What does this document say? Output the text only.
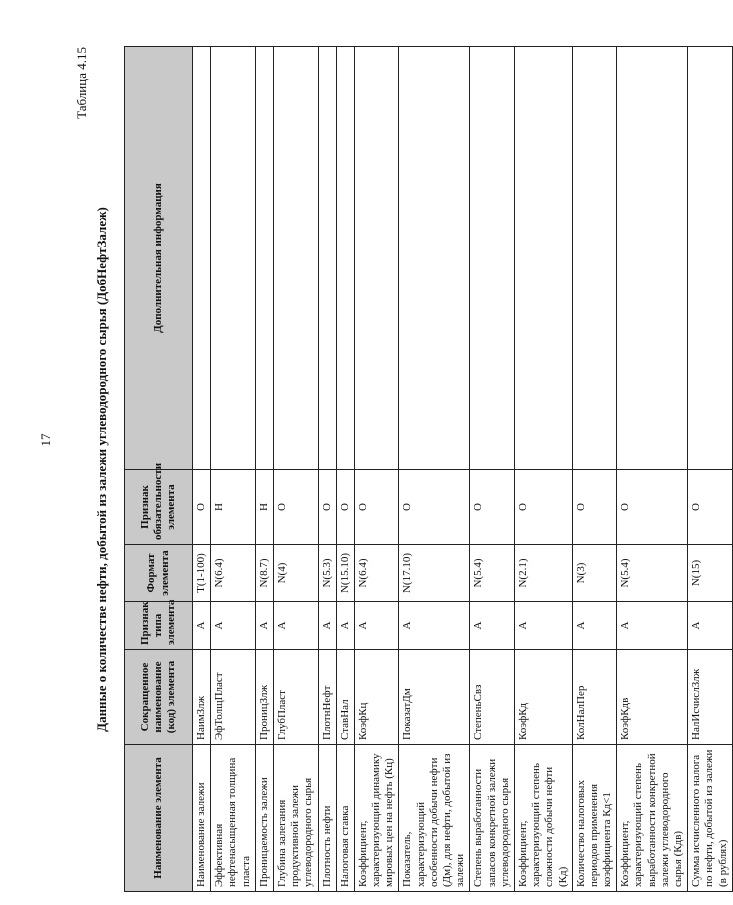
17
Таблица 4.15
Данные о количестве нефти, добытой из залежи углеводородного сырья (ДобНефтЗалеж)
Наименование элемента	Сокращенное наименование (код) элемента	Признак типа элемента	Формат элемента	Признак обязательности элемента	Дополнительная информация
Наименование залежи	НаимЗлж	А	Т(1-100)	О	
Эффективная нефтенасыщенная толщина пласта	ЭфТолщПласт	А	N(6.4)	Н	
Проницаемость залежи	ПроницЗлж	А	N(8.7)	Н	
Глубина залегания продуктивной залежи углеводородного сырья	ГлубПласт	А	N(4)	О	
Плотность нефти	ПлотнНефт	А	N(5.3)	О	
Налоговая ставка	СтавНал	А	N(15.10)	О	
Коэффициент, характеризующий динамику мировых цен на нефть (Кц)	КоэфКц	А	N(6.4)	О	
Показатель, характеризующий особенности добычи нефти (Дм), для нефти, добытой из залежи	ПоказатДм	А	N(17.10)	О	
Степень выработанности запасов конкретной залежи углеводородного сырья	СтепеньСвз	А	N(5.4)	О	
Коэффициент, характеризующий степень сложности добычи нефти (Кд)	КоэфКд	А	N(2.1)	О	
Количество налоговых периодов применения коэффициента Кд<1	КолНалПер	А	N(3)	О	
Коэффициент, характеризующий степень выработанности конкретной залежи углеводородного сырья (Кдв)	КоэфКдв	А	N(5.4)	О	
Сумма исчисленного налога по нефти, добытой из залежи (в рублях)	НалИсчислЗлж	А	N(15)	О	
